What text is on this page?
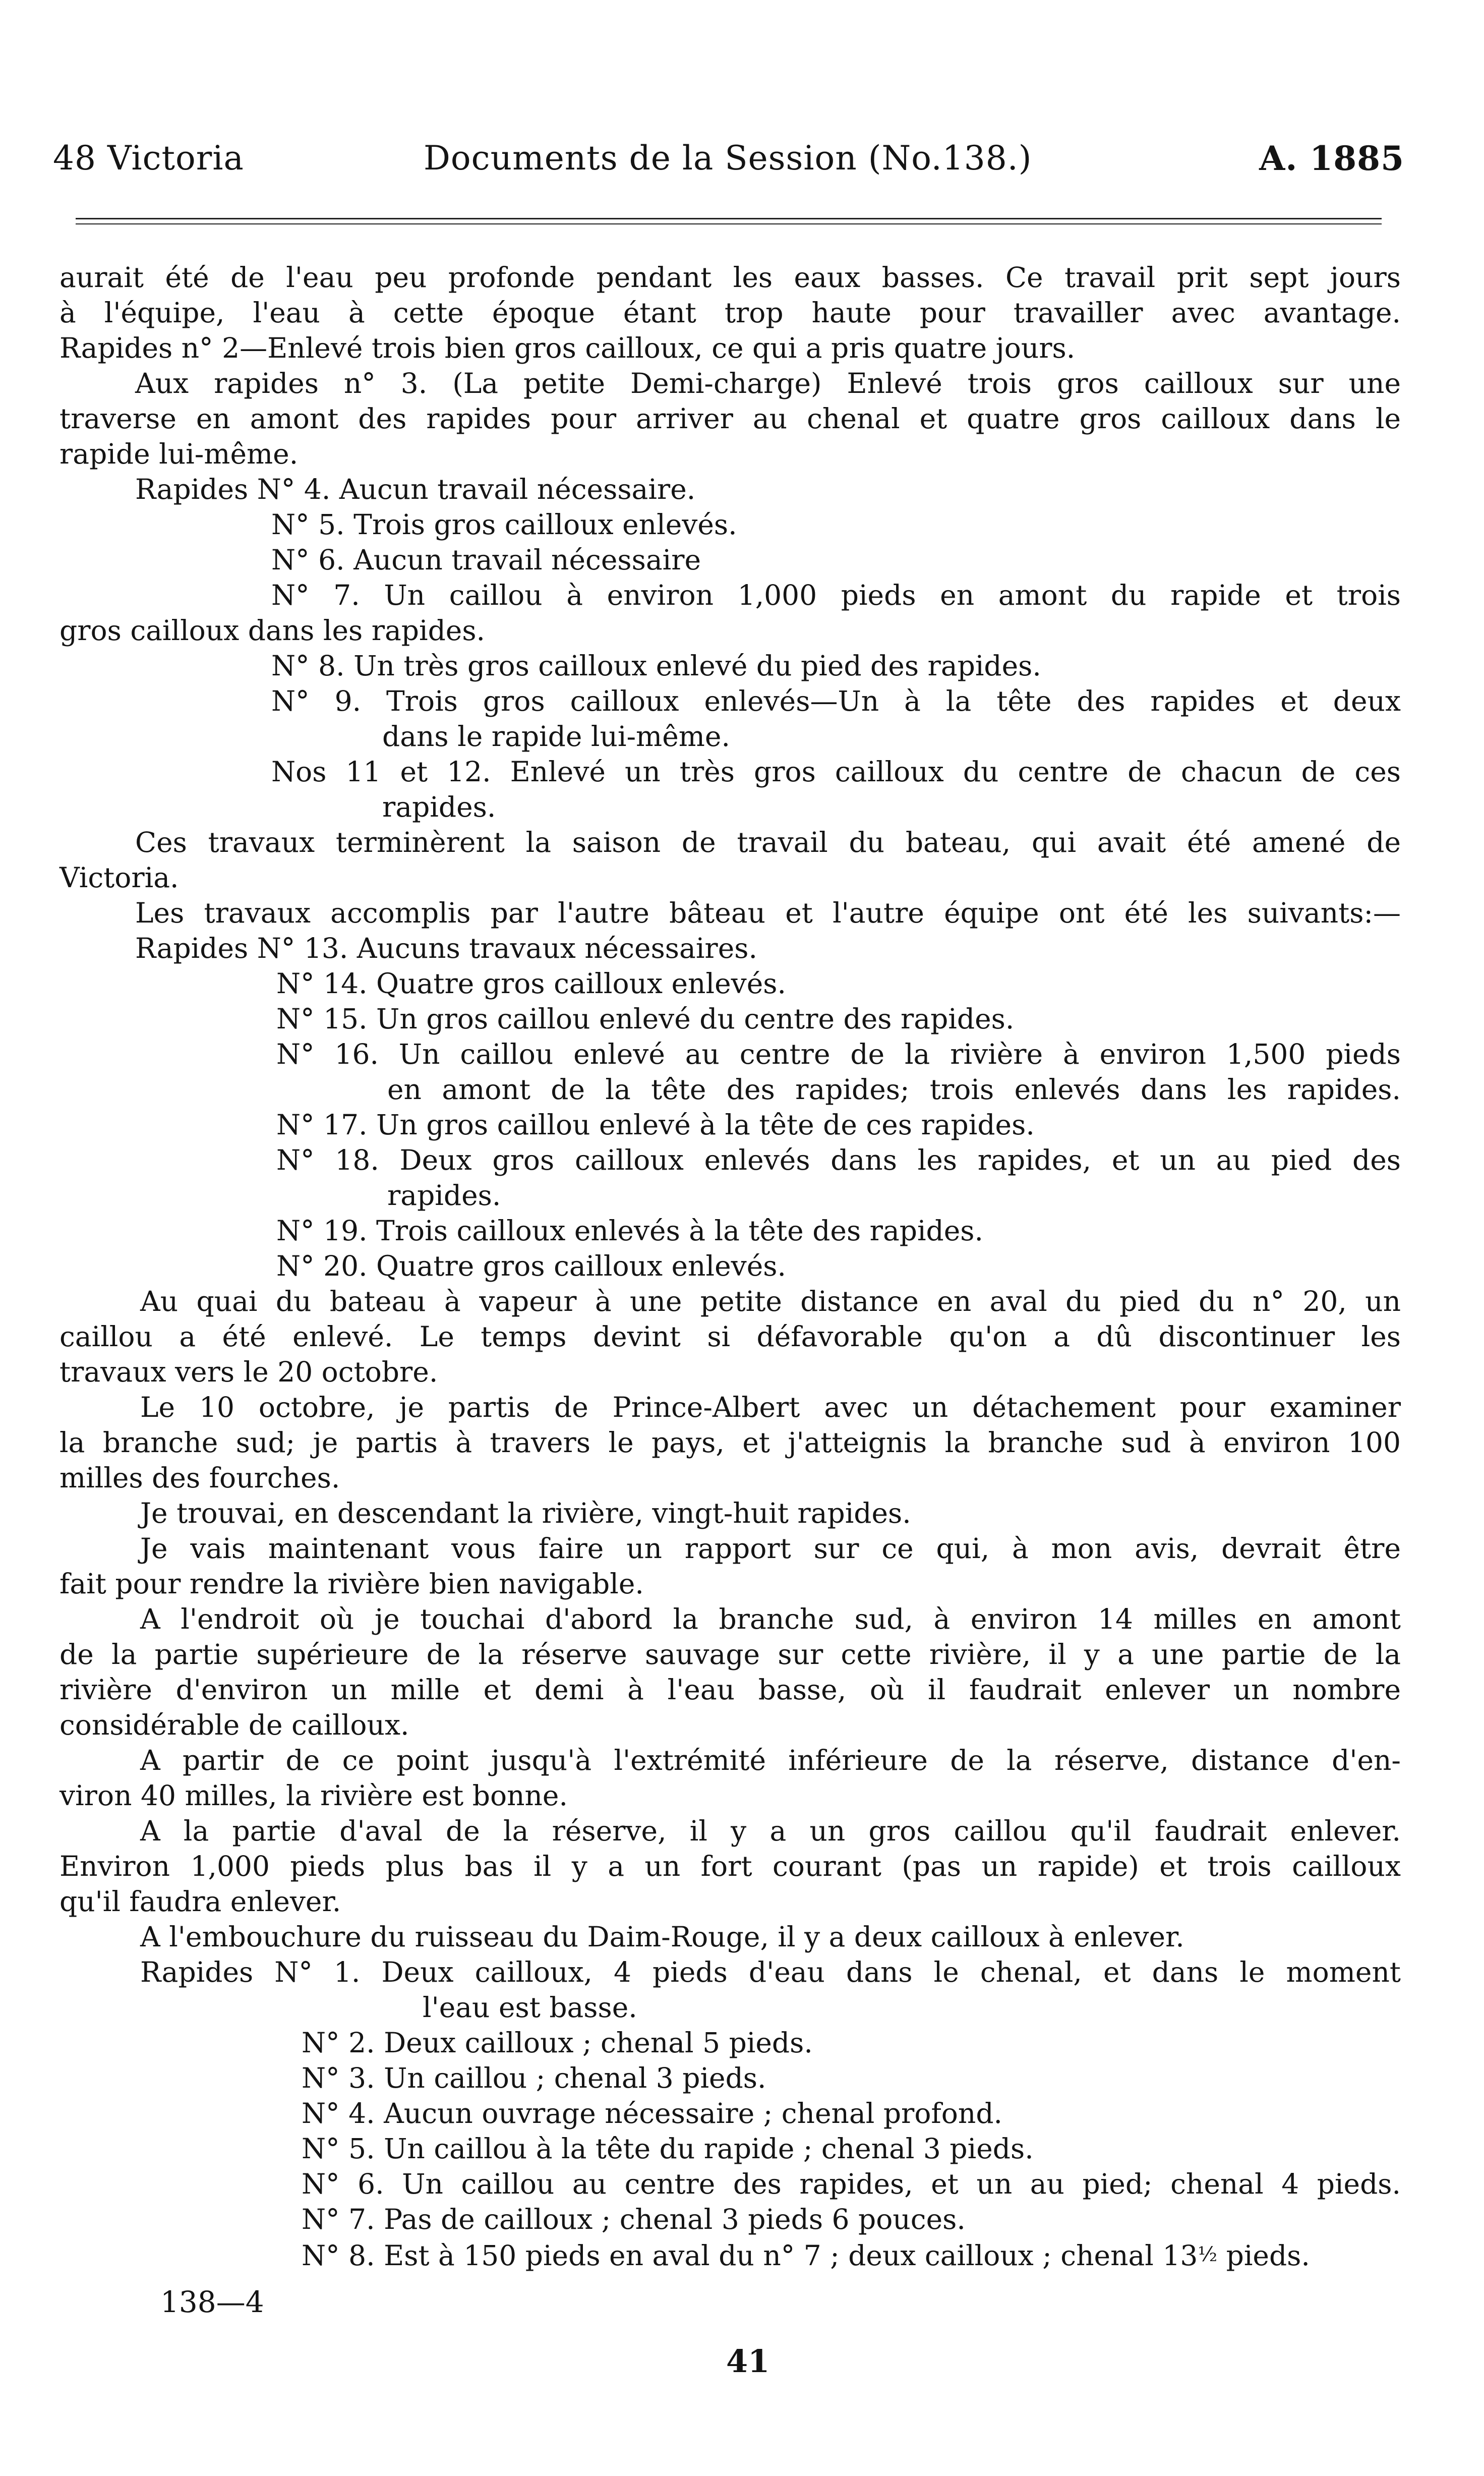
48 Victoria	Documents de la Session (No.138.)	A. 1885
aurait été de l'eau peu profonde pendant les eaux basses. Ce travail prit sept jours
à l'équipe, l'eau à cette époque étant trop haute pour travailler avec avantage.
Rapides n° 2—Enlevé trois bien gros cailloux, ce qui a pris quatre jours.
Aux rapides n° 3. (La petite Demi-charge) Enlevé trois gros cailloux sur une
traverse en amont des rapides pour arriver au chenal et quatre gros cailloux dans le
rapide lui-même.
Rapides N° 4. Aucun travail nécessaire.
N° 5. Trois gros cailloux enlevés.
N° 6. Aucun travail nécessaire
N° 7. Un caillou à environ 1,000 pieds en amont du rapide et trois
gros cailloux dans les rapides.
N° 8. Un très gros cailloux enlevé du pied des rapides.
N° 9. Trois gros cailloux enlevés—Un à la tête des rapides et deux
dans le rapide lui-même.
Nos 11 et 12. Enlevé un très gros cailloux du centre de chacun de ces
rapides.
Ces travaux terminèrent la saison de travail du bateau, qui avait été amené de
Victoria.
Les travaux accomplis par l'autre bâteau et l'autre équipe ont été les suivants:—
Rapides N° 13. Aucuns travaux nécessaires.
N° 14. Quatre gros cailloux enlevés.
N° 15. Un gros caillou enlevé du centre des rapides.
N° 16. Un caillou enlevé au centre de la rivière à environ 1,500 pieds
en amont de la tête des rapides; trois enlevés dans les rapides.
N° 17. Un gros caillou enlevé à la tête de ces rapides.
N° 18. Deux gros cailloux enlevés dans les rapides, et un au pied des
rapides.
N° 19. Trois cailloux enlevés à la tête des rapides.
N° 20. Quatre gros cailloux enlevés.
Au quai du bateau à vapeur à une petite distance en aval du pied du n° 20, un
caillou a été enlevé. Le temps devint si défavorable qu'on a dû discontinuer les
travaux vers le 20 octobre.
Le 10 octobre, je partis de Prince-Albert avec un détachement pour examiner
la branche sud; je partis à travers le pays, et j'atteignis la branche sud à environ 100
milles des fourches.
Je trouvai, en descendant la rivière, vingt-huit rapides.
Je vais maintenant vous faire un rapport sur ce qui, à mon avis, devrait être
fait pour rendre la rivière bien navigable.
A l'endroit où je touchai d'abord la branche sud, à environ 14 milles en amont
de la partie supérieure de la réserve sauvage sur cette rivière, il y a une partie de la
rivière d'environ un mille et demi à l'eau basse, où il faudrait enlever un nombre
considérable de cailloux.
A partir de ce point jusqu'à l'extrémité inférieure de la réserve, distance d'en-
viron 40 milles, la rivière est bonne.
A la partie d'aval de la réserve, il y a un gros caillou qu'il faudrait enlever.
Environ 1,000 pieds plus bas il y a un fort courant (pas un rapide) et trois cailloux
qu'il faudra enlever.
A l'embouchure du ruisseau du Daim-Rouge, il y a deux cailloux à enlever.
Rapides N° 1. Deux cailloux, 4 pieds d'eau dans le chenal, et dans le moment
l'eau est basse.
N° 2. Deux cailloux ; chenal 5 pieds.
N° 3. Un caillou ; chenal 3 pieds.
N° 4. Aucun ouvrage nécessaire ; chenal profond.
N° 5. Un caillou à la tête du rapide ; chenal 3 pieds.
N° 6. Un caillou au centre des rapides, et un au pied; chenal 4 pieds.
N° 7. Pas de cailloux ; chenal 3 pieds 6 pouces.
N° 8. Est à 150 pieds en aval du n° 7 ; deux cailloux ; chenal 13½ pieds.
138—4
41
